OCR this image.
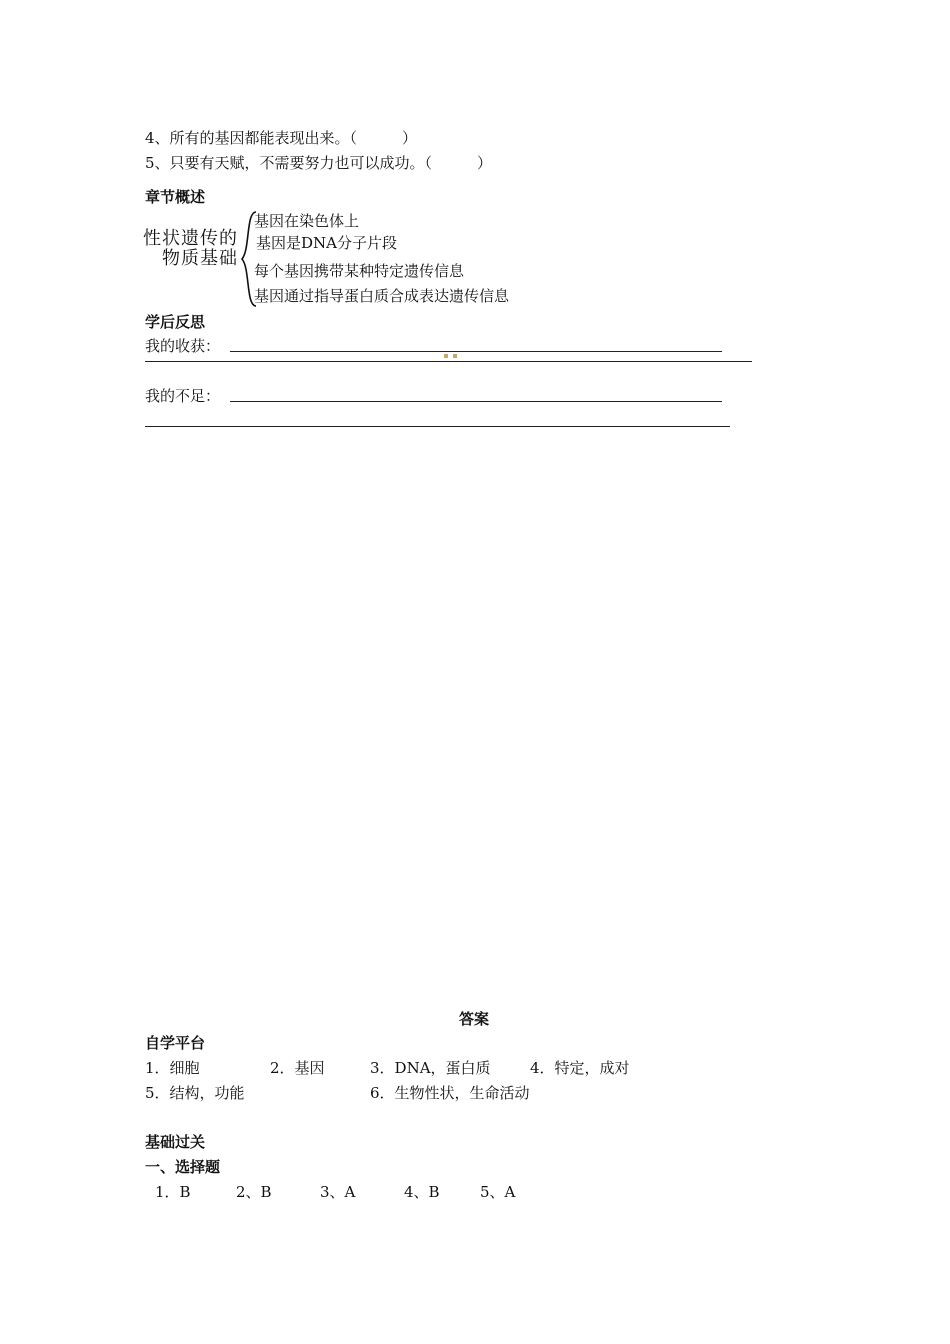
4、所有的基因都能表现出来。（　　　）
5、只要有天赋，不需要努力也可以成功。（　　　）
章节概述
性状遗传的
物质基础
基因在染色体上
基因是DNA分子片段
每个基因携带某种特定遗传信息
基因通过指导蛋白质合成表达遗传信息
学后反思
我的收获：
我的不足：
答案
自学平台
1．细胞	2．基因	3．DNA，蛋白质	4．特定，成对
5．结构，功能	6．生物性状，生命活动
基础过关
一、选择题
1．B	2、B	3、A	4、B	5、A
